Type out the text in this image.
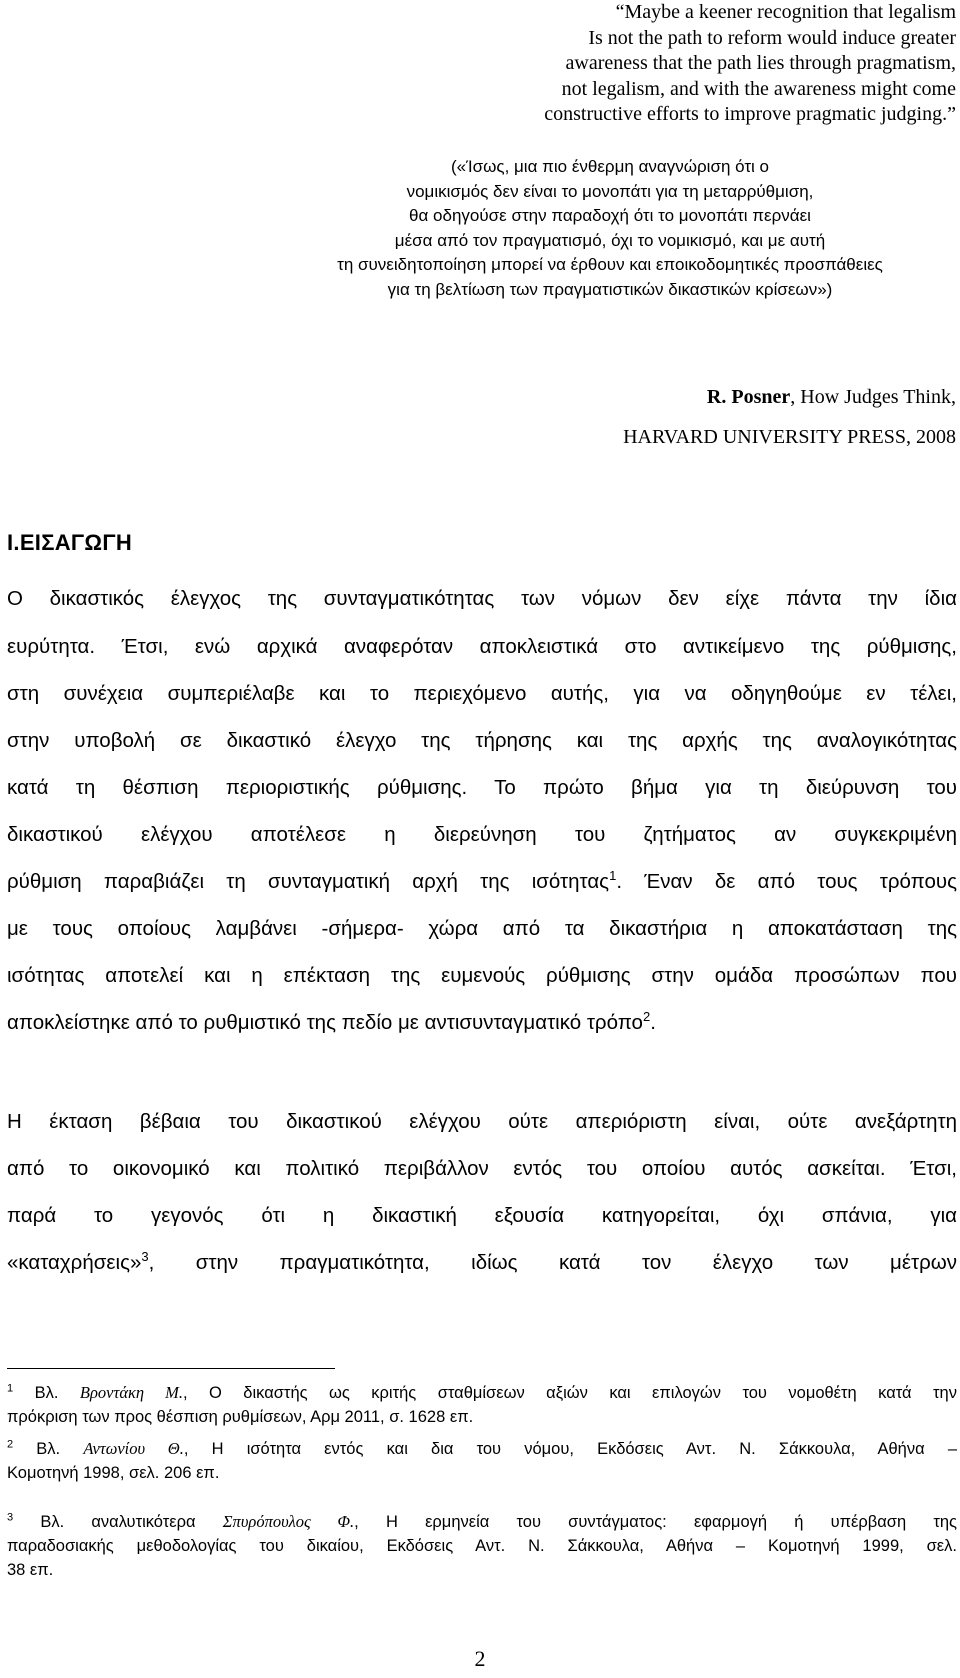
“Maybe a keener recognition that legalism
Is not the path to reform would induce greater
awareness that the path lies through pragmatism,
not legalism, and with the awareness might come
constructive efforts to improve pragmatic judging.”
(«Ίσως, μια πιο ένθερμη αναγνώριση ότι ο
νομικισμός δεν είναι το μονοπάτι για τη μεταρρύθμιση,
θα οδηγούσε στην παραδοχή ότι το μονοπάτι περνάει
μέσα από τον πραγματισμό, όχι το νομικισμό, και με αυτή
τη συνειδητοποίηση μπορεί να έρθουν και εποικοδομητικές προσπάθειες
για τη βελτίωση των πραγματιστικών δικαστικών κρίσεων»)
R. Posner, How Judges Think,
HARVARD UNIVERSITY PRESS, 2008
I.ΕΙΣΑΓΩΓΗ
Ο δικαστικός έλεγχος της συνταγματικότητας των νόμων δεν είχε πάντα την ίδια
ευρύτητα. Έτσι, ενώ αρχικά αναφερόταν αποκλειστικά στο αντικείμενο της ρύθμισης,
στη συνέχεια συμπεριέλαβε και το περιεχόμενο αυτής, για να οδηγηθούμε εν τέλει,
στην υποβολή σε δικαστικό έλεγχο της τήρησης και της αρχής της αναλογικότητας
κατά τη θέσπιση περιοριστικής ρύθμισης. Το πρώτο βήμα για τη διεύρυνση του
δικαστικού ελέγχου αποτέλεσε η διερεύνηση του ζητήματος αν συγκεκριμένη
ρύθμιση παραβιάζει τη συνταγματική αρχή της ισότητας$^1$. Έναν δε από τους τρόπους
με τους οποίους λαμβάνει -σήμερα- χώρα από τα δικαστήρια η αποκατάσταση της
ισότητας αποτελεί και η επέκταση της ευμενούς ρύθμισης στην ομάδα προσώπων που
αποκλείστηκε από το ρυθμιστικό της πεδίο με αντισυνταγματικό τρόπο$^2$.
Η έκταση βέβαια του δικαστικού ελέγχου ούτε απεριόριστη είναι, ούτε ανεξάρτητη
από το οικονομικό και πολιτικό περιβάλλον εντός του οποίου αυτός ασκείται. Έτσι,
παρά το γεγονός ότι η δικαστική εξουσία κατηγορείται, όχι σπάνια, για
«καταχρήσεις»$^3$, στην πραγματικότητα, ιδίως κατά τον έλεγχο των μέτρων
$^1$ Βλ. Βροντάκη Μ., Ο δικαστής ως κριτής σταθμίσεων αξιών και επιλογών του νομοθέτη κατά την
πρόκριση των προς θέσπιση ρυθμίσεων, Αρμ 2011, σ. 1628 επ.
$^2$ Βλ. Αντωνίου Θ., Η ισότητα εντός και δια του νόμου, Εκδόσεις Αντ. Ν. Σάκκουλα, Αθήνα –
Κομοτηνή 1998, σελ. 206 επ.
$^3$ Βλ. αναλυτικότερα Σπυρόπουλος Φ., Η ερμηνεία του συντάγματος: εφαρμογή ή υπέρβαση της
παραδοσιακής μεθοδολογίας του δικαίου, Εκδόσεις Αντ. Ν. Σάκκουλα, Αθήνα – Κομοτηνή 1999, σελ.
38 επ.
2
